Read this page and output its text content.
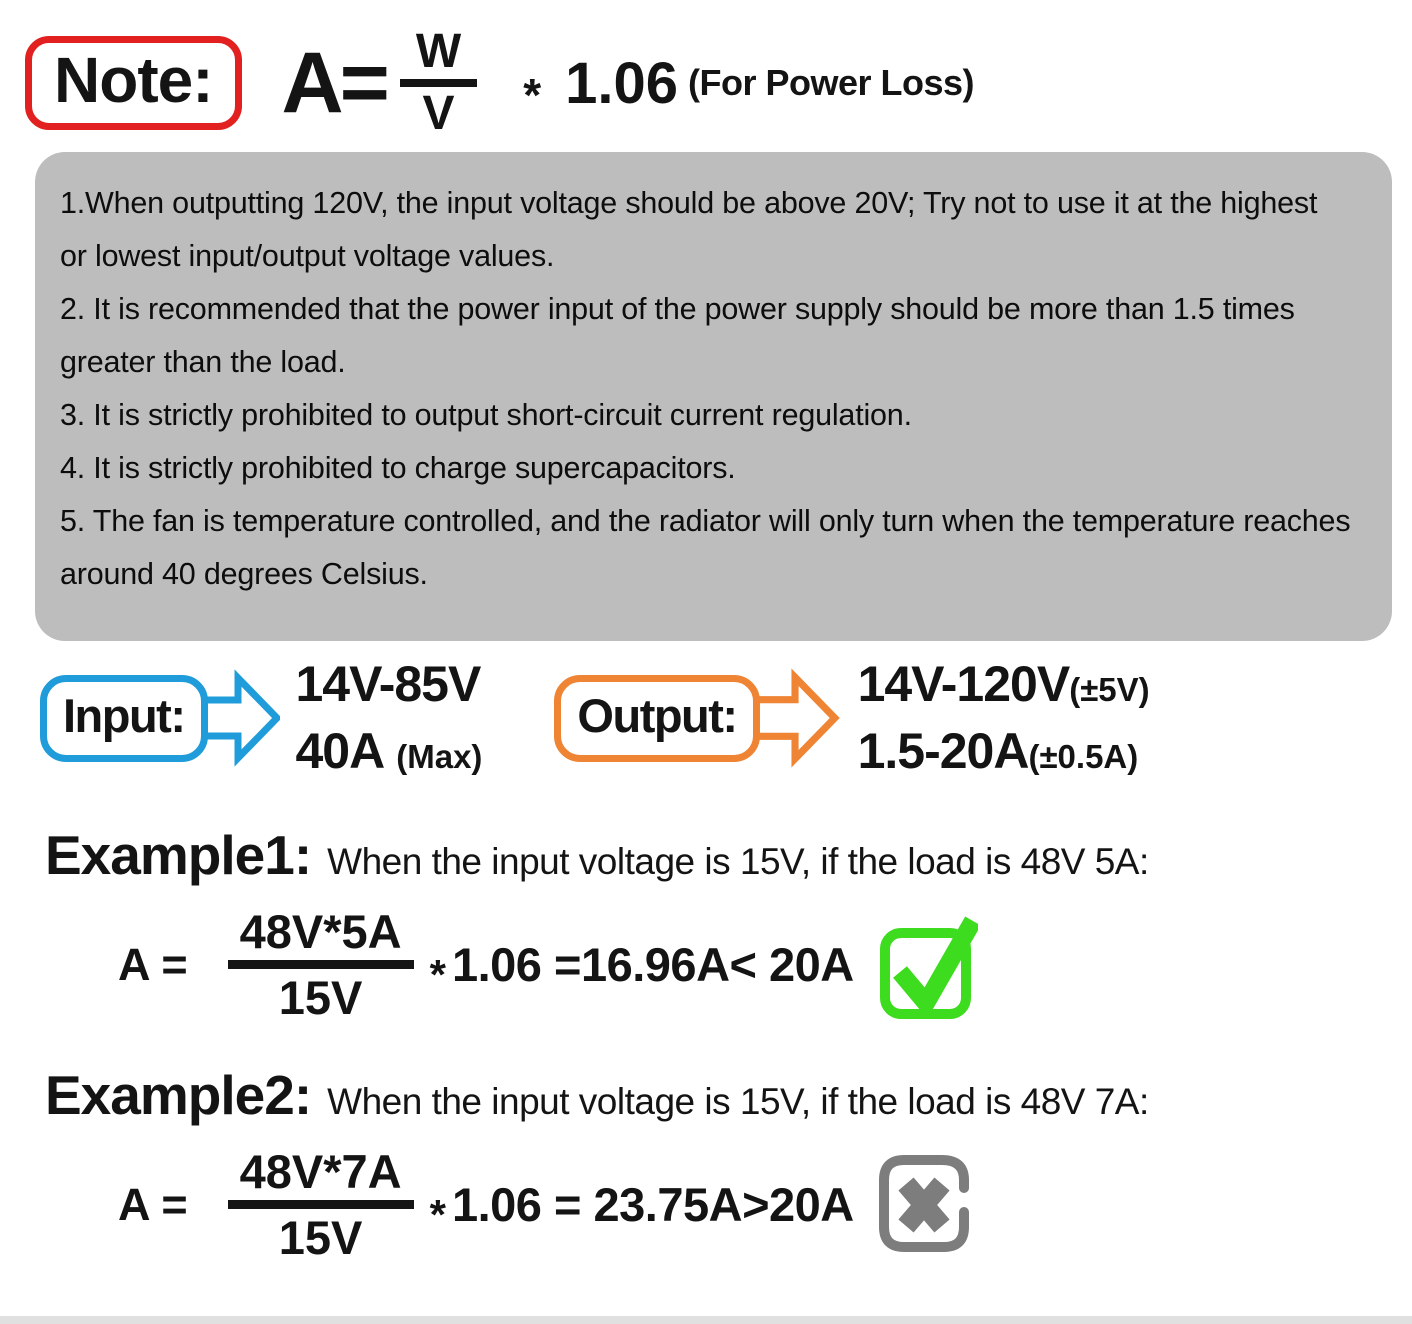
Note: A= W
V	* 1.06 (For Power Loss)

1.When outputting 120V, the input voltage should be above 20V; Try not to use it at the highest or lowest input/output voltage values.

2. It is recommended that the power input of the power supply should be more than 1.5 times greater than the load.

3. It is strictly prohibited to output short-circuit current regulation.

4. It is strictly prohibited to charge supercapacitors.

5. The fan is temperature controlled, and the radiator will only turn when the temperature reaches around 40 degrees Celsius.

Input:
14V-85V
40A (Max)
Output:
14V-120V (±5V)
1.5-20A (±0.5A)
Example1: When the input voltage is 15V, if the load is 48V 5A:
A =
48V*5A
15V * 1.06 =16.96A< 20A
Example2: When the input voltage is 15V, if the load is 48V 7A:
A =
48V*7A
15V * 1.06 = 23.75A>20A
